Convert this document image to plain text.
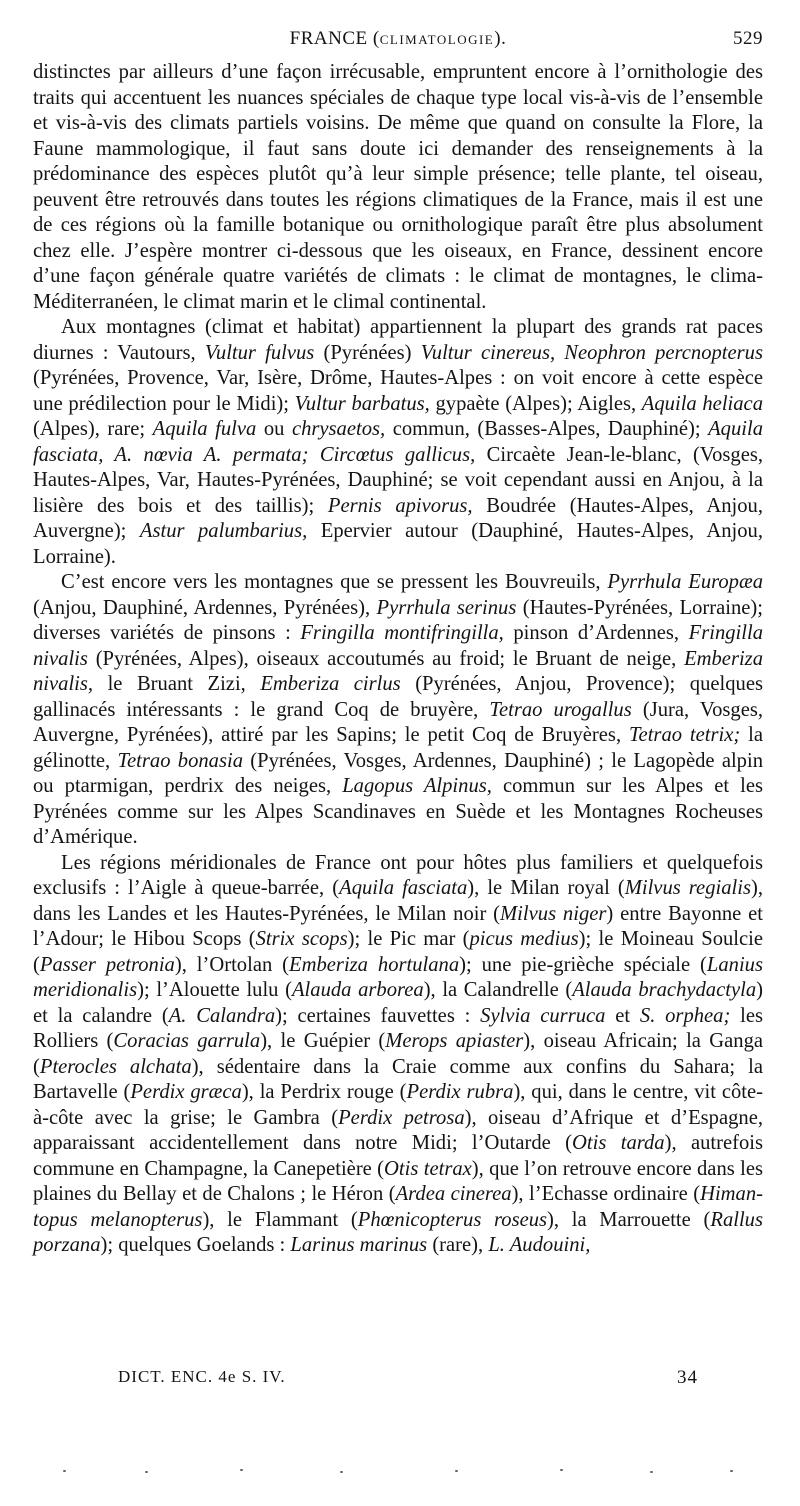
FRANCE (CLIMATOLOGIE).	529

distinctes par ailleurs d’une façon irrécusable, empruntent encore à l’ornithologie des traits qui accentuent les nuances spéciales de chaque type local vis-à-vis de l’ensemble et vis-à-vis des climats partiels voisins. De même que quand on consulte la Flore, la Faune mammologique, il faut sans doute ici demander des renseignements à la prédominance des espèces plutôt qu’à leur simple présence; telle plante, tel oiseau, peuvent être retrouvés dans toutes les régions climatiques de la France, mais il est une de ces régions où la famille botanique ou ornithologique paraît être plus absolument chez elle. J’espère montrer ci-dessous que les oiseaux, en France, dessinent encore d’une façon générale quatre variétés de climats : le climat de montagnes, le climaMéditerranéen, le climat marin et le climal continental.

Aux montagnes (climat et habitat) appartiennent la plupart des grands rat paces diurnes : Vautours, Vultur fulvus (Pyrénées) Vultur cinereus, Neophron percnopterus (Pyrénées, Provence, Var, Isère, Drôme, Hautes-Alpes : on voit encore à cette espèce une prédilection pour le Midi); Vultur barbatus, gypaète (Alpes); Aigles, Aquila heliaca (Alpes), rare; Aquila fulva ou chrysaetos, commun, (Basses-Alpes, Dauphiné); Aquila fasciata, A. nœvia A. permata; Circœtus gallicus, Circaète Jean-le-blanc, (Vosges, Hautes-Alpes, Var, Hautes-Pyrénées, Dauphiné; se voit cependant aussi en Anjou, à la lisière des bois et des taillis); Pernis apivorus, Boudrée (Hautes-Alpes, Anjou, Auvergne); Astur palumbarius, Epervier autour (Dauphiné, Hautes-Alpes, Anjou, Lorraine).

C’est encore vers les montagnes que se pressent les Bouvreuils, Pyrrhula Europæa (Anjou, Dauphiné, Ardennes, Pyrénées), Pyrrhula serinus (Hautes-Pyrénées, Lorraine); diverses variétés de pinsons : Fringilla montifringilla, pinson d’Ardennes, Fringilla nivalis (Pyrénées, Alpes), oiseaux accoutumés au froid; le Bruant de neige, Emberiza nivalis, le Bruant Zizi, Emberiza cirlus (Pyrénées, Anjou, Provence); quelques gallinacés intéressants : le grand Coq de bruyère, Tetrao urogallus (Jura, Vosges, Auvergne, Pyrénées), attiré par les Sapins; le petit Coq de Bruyères, Tetrao tetrix; la gélinotte, Tetrao bonasia (Pyrénées, Vosges, Ardennes, Dauphiné) ; le Lagopède alpin ou ptarmigan, perdrix des neiges, Lagopus Alpinus, commun sur les Alpes et les Pyrénées comme sur les Alpes Scandinaves en Suède et les Montagnes Rocheuses d’Amérique.

Les régions méridionales de France ont pour hôtes plus familiers et quelquefois exclusifs : l’Aigle à queue-barrée, (Aquila fasciata), le Milan royal (Milvus regialis), dans les Landes et les Hautes-Pyrénées, le Milan noir (Milvus niger) entre Bayonne et l’Adour; le Hibou Scops (Strix scops); le Pic mar (picus medius); le Moineau Soulcie (Passer petronia), l’Ortolan (Emberiza hortulana); une pie-grièche spéciale (Lanius meridionalis); l’Alouette lulu (Alauda arborea), la Calandrelle (Alauda brachydactyla) et la calandre (A. Calandra); certaines fauvettes : Sylvia curruca et S. orphea; les Rolliers (Coracias garrula), le Guépier (Merops apiaster), oiseau Africain; la Ganga (Pterocles alchata), sédentaire dans la Craie comme aux confins du Sahara; la Bartavelle (Perdix græca), la Perdrix rouge (Perdix rubra), qui, dans le centre, vit côte-à-côte avec la grise; le Gambra (Perdix petrosa), oiseau d’Afrique et d’Espagne, apparaissant accidentellement dans notre Midi; l’Outarde (Otis tarda), autrefois commune en Champagne, la Canepetière (Otis tetrax), que l’on retrouve encore dans les plaines du Bellay et de Chalons ; le Héron (Ardea cinerea), l’Echasse ordinaire (Himantopus melanopterus), le Flammant (Phœnicopterus roseus), la Marrouette (Rallus porzana); quelques Goelands : Larinus marinus (rare), L. Audouini,

DICT. ENC. 4e S. IV.	34
